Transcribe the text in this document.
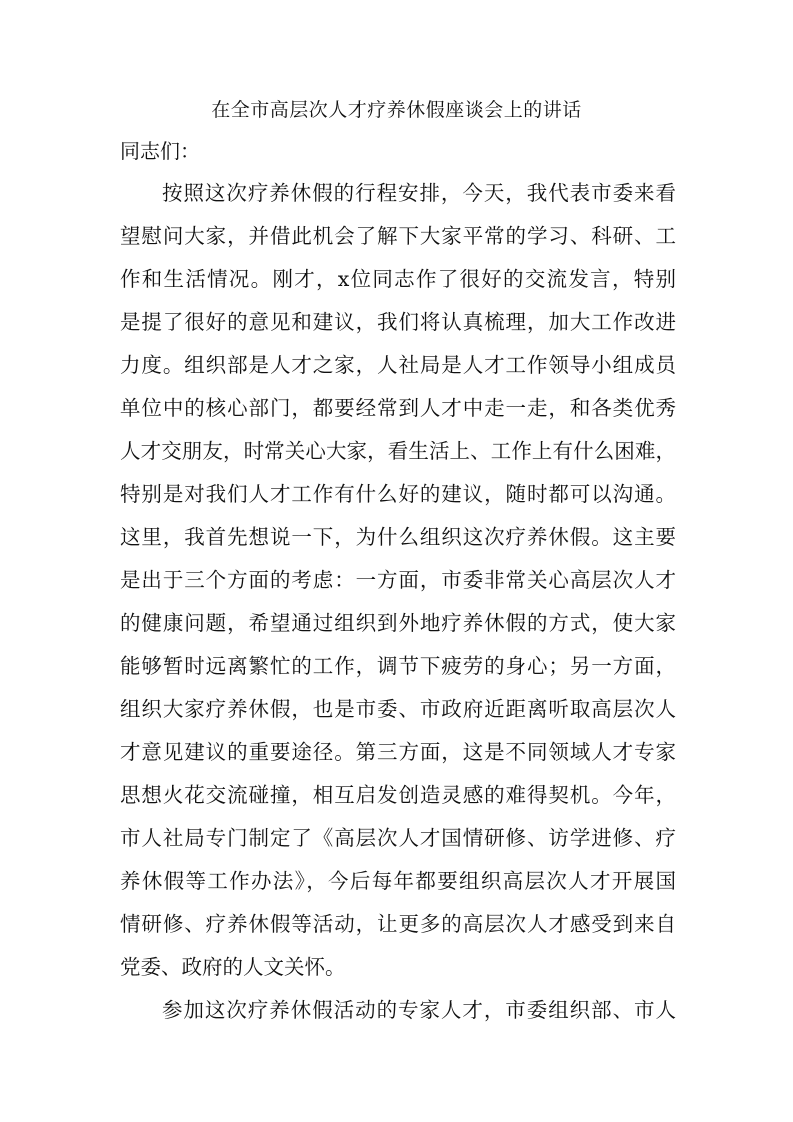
在全市高层次人才疗养休假座谈会上的讲话
同志们：
按照这次疗养休假的行程安排，今天，我代表市委来看
望慰问大家，并借此机会了解下大家平常的学习、科研、工
作和生活情况。刚才，x位同志作了很好的交流发言，特别
是提了很好的意见和建议，我们将认真梳理，加大工作改进
力度。组织部是人才之家，人社局是人才工作领导小组成员
单位中的核心部门，都要经常到人才中走一走，和各类优秀
人才交朋友，时常关心大家，看生活上、工作上有什么困难，
特别是对我们人才工作有什么好的建议，随时都可以沟通。
这里，我首先想说一下，为什么组织这次疗养休假。这主要
是出于三个方面的考虑：一方面，市委非常关心高层次人才
的健康问题，希望通过组织到外地疗养休假的方式，使大家
能够暂时远离繁忙的工作，调节下疲劳的身心；另一方面，
组织大家疗养休假，也是市委、市政府近距离听取高层次人
才意见建议的重要途径。第三方面，这是不同领域人才专家
思想火花交流碰撞，相互启发创造灵感的难得契机。今年，
市人社局专门制定了《高层次人才国情研修、访学进修、疗
养休假等工作办法》，今后每年都要组织高层次人才开展国
情研修、疗养休假等活动，让更多的高层次人才感受到来自
党委、政府的人文关怀。
参加这次疗养休假活动的专家人才，市委组织部、市人
